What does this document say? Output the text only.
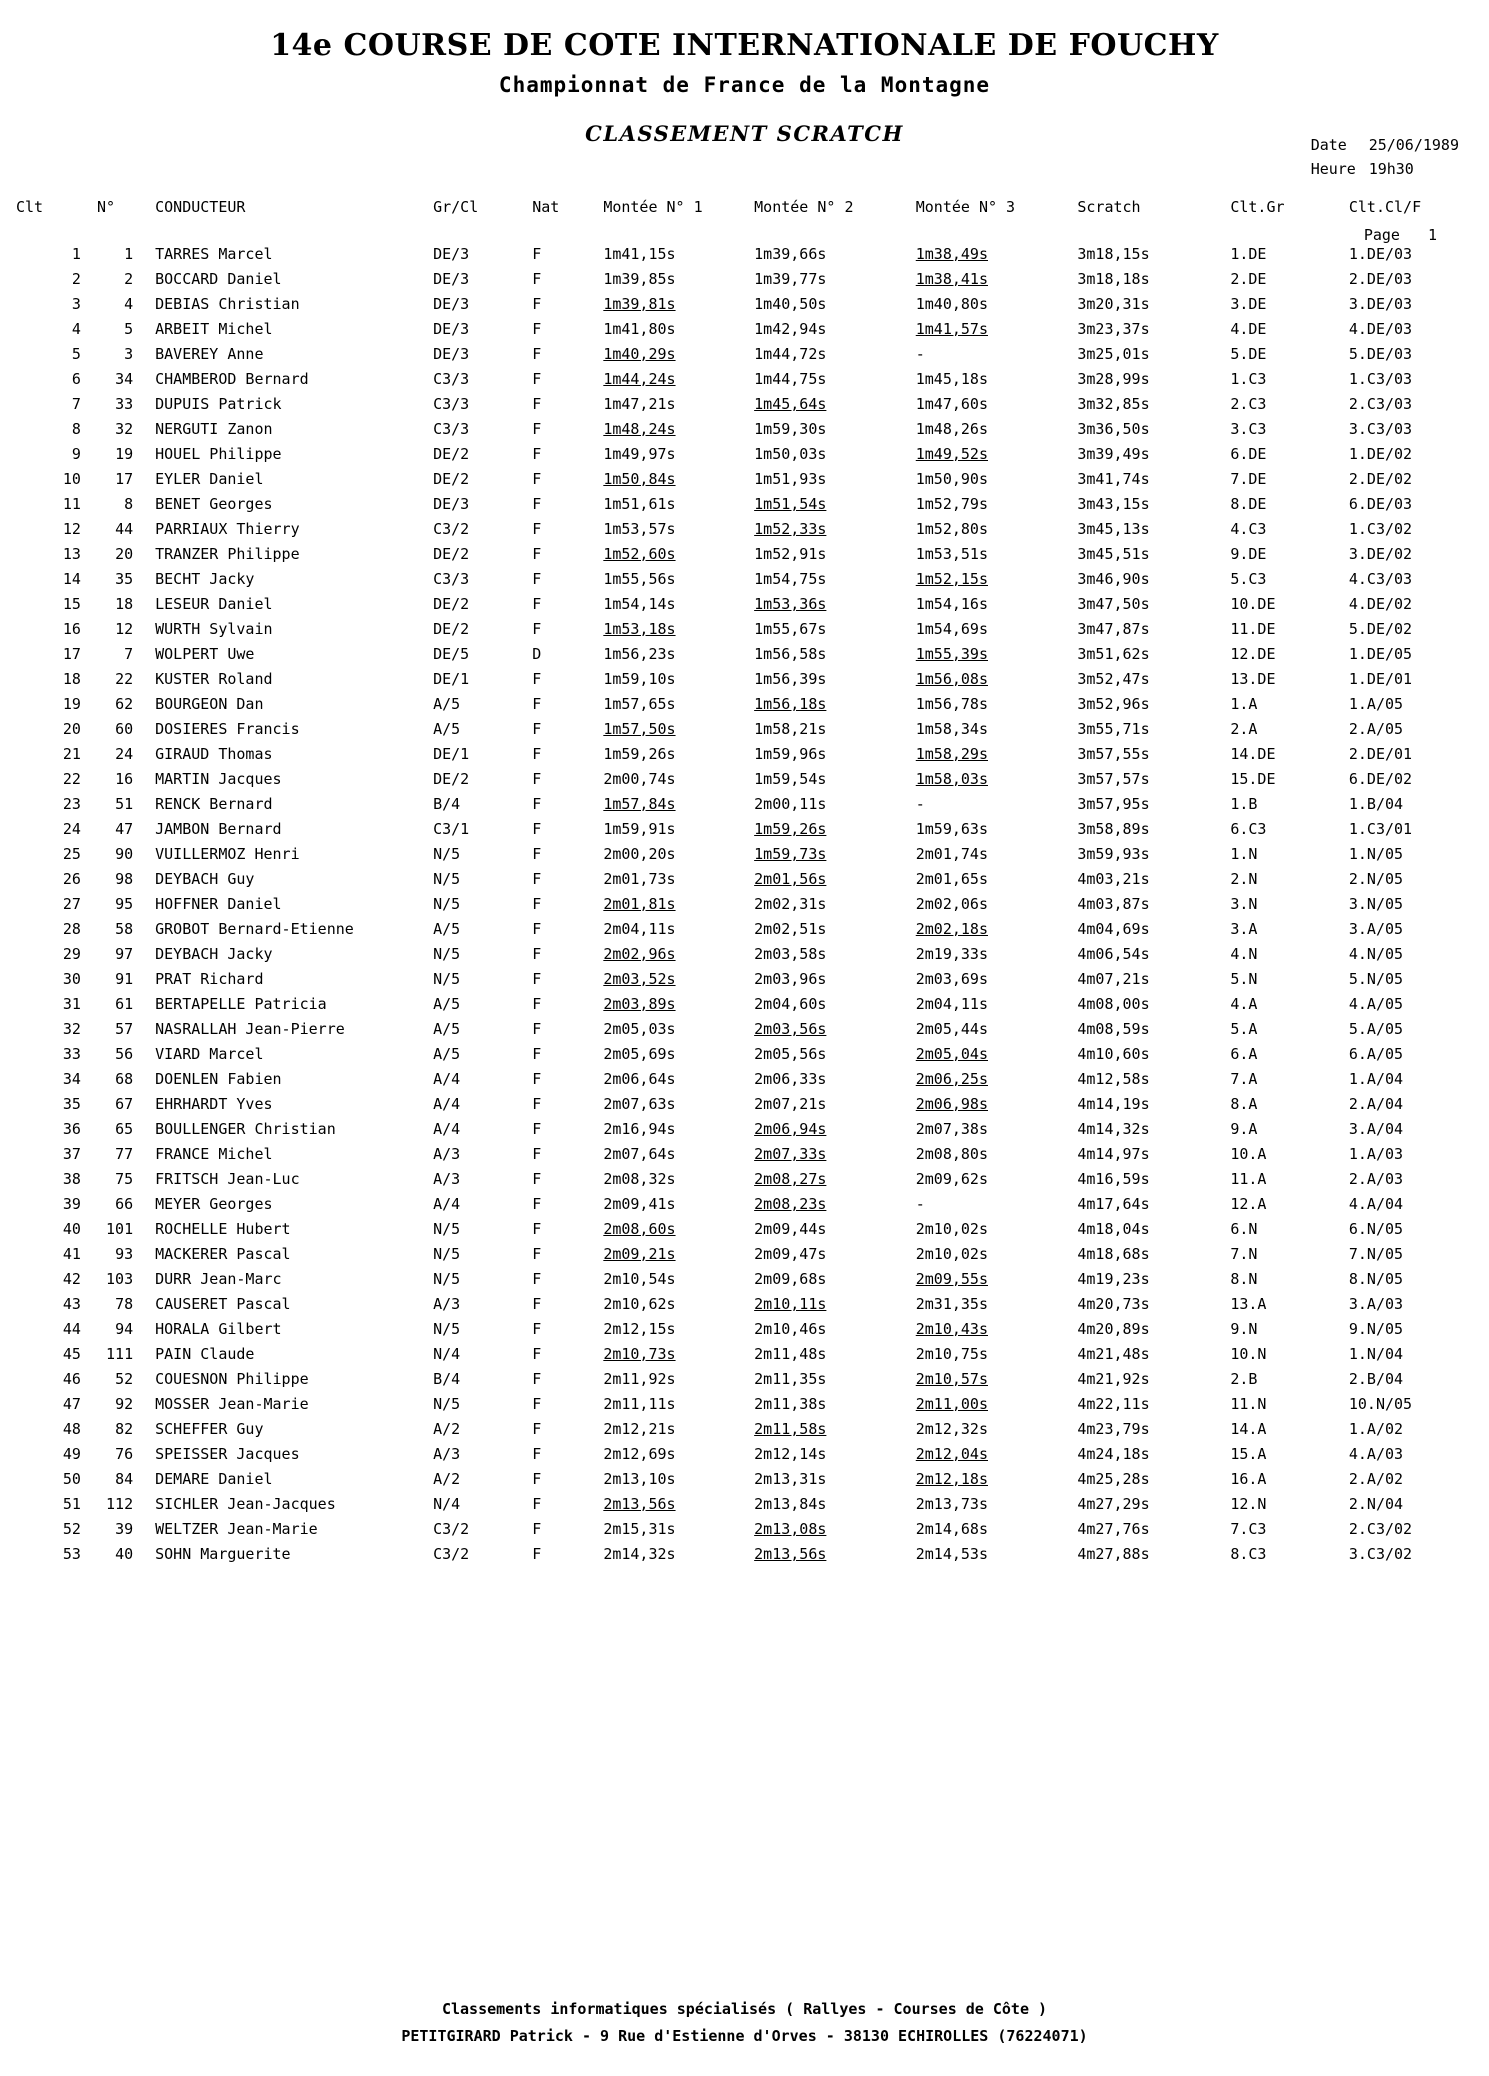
14e COURSE DE COTE INTERNATIONALE DE FOUCHY
Championnat de France de la Montagne
Date 25/06/1989
Heure 19h30
CLASSEMENT SCRATCH
Page 1
Clt	N°	CONDUCTEUR	Gr/Cl	Nat	Montée N° 1	Montée N° 2	Montée N° 3	Scratch	Clt.Gr	Clt.Cl/F
1	1	TARRES Marcel	DE/3	F	1m41,15s	1m39,66s	1m38,49s	3m18,15s	1.DE	1.DE/03
2	2	BOCCARD Daniel	DE/3	F	1m39,85s	1m39,77s	1m38,41s	3m18,18s	2.DE	2.DE/03
3	4	DEBIAS Christian	DE/3	F	1m39,81s	1m40,50s	1m40,80s	3m20,31s	3.DE	3.DE/03
4	5	ARBEIT Michel	DE/3	F	1m41,80s	1m42,94s	1m41,57s	3m23,37s	4.DE	4.DE/03
5	3	BAVEREY Anne	DE/3	F	1m40,29s	1m44,72s	-	3m25,01s	5.DE	5.DE/03
6	34	CHAMBEROD Bernard	C3/3	F	1m44,24s	1m44,75s	1m45,18s	3m28,99s	1.C3	1.C3/03
7	33	DUPUIS Patrick	C3/3	F	1m47,21s	1m45,64s	1m47,60s	3m32,85s	2.C3	2.C3/03
8	32	NERGUTI Zanon	C3/3	F	1m48,24s	1m59,30s	1m48,26s	3m36,50s	3.C3	3.C3/03
9	19	HOUEL Philippe	DE/2	F	1m49,97s	1m50,03s	1m49,52s	3m39,49s	6.DE	1.DE/02
10	17	EYLER Daniel	DE/2	F	1m50,84s	1m51,93s	1m50,90s	3m41,74s	7.DE	2.DE/02
11	8	BENET Georges	DE/3	F	1m51,61s	1m51,54s	1m52,79s	3m43,15s	8.DE	6.DE/03
12	44	PARRIAUX Thierry	C3/2	F	1m53,57s	1m52,33s	1m52,80s	3m45,13s	4.C3	1.C3/02
13	20	TRANZER Philippe	DE/2	F	1m52,60s	1m52,91s	1m53,51s	3m45,51s	9.DE	3.DE/02
14	35	BECHT Jacky	C3/3	F	1m55,56s	1m54,75s	1m52,15s	3m46,90s	5.C3	4.C3/03
15	18	LESEUR Daniel	DE/2	F	1m54,14s	1m53,36s	1m54,16s	3m47,50s	10.DE	4.DE/02
16	12	WURTH Sylvain	DE/2	F	1m53,18s	1m55,67s	1m54,69s	3m47,87s	11.DE	5.DE/02
17	7	WOLPERT Uwe	DE/5	D	1m56,23s	1m56,58s	1m55,39s	3m51,62s	12.DE	1.DE/05
18	22	KUSTER Roland	DE/1	F	1m59,10s	1m56,39s	1m56,08s	3m52,47s	13.DE	1.DE/01
19	62	BOURGEON Dan	A/5	F	1m57,65s	1m56,18s	1m56,78s	3m52,96s	1.A	1.A/05
20	60	DOSIERES Francis	A/5	F	1m57,50s	1m58,21s	1m58,34s	3m55,71s	2.A	2.A/05
21	24	GIRAUD Thomas	DE/1	F	1m59,26s	1m59,96s	1m58,29s	3m57,55s	14.DE	2.DE/01
22	16	MARTIN Jacques	DE/2	F	2m00,74s	1m59,54s	1m58,03s	3m57,57s	15.DE	6.DE/02
23	51	RENCK Bernard	B/4	F	1m57,84s	2m00,11s	-	3m57,95s	1.B	1.B/04
24	47	JAMBON Bernard	C3/1	F	1m59,91s	1m59,26s	1m59,63s	3m58,89s	6.C3	1.C3/01
25	90	VUILLERMOZ Henri	N/5	F	2m00,20s	1m59,73s	2m01,74s	3m59,93s	1.N	1.N/05
26	98	DEYBACH Guy	N/5	F	2m01,73s	2m01,56s	2m01,65s	4m03,21s	2.N	2.N/05
27	95	HOFFNER Daniel	N/5	F	2m01,81s	2m02,31s	2m02,06s	4m03,87s	3.N	3.N/05
28	58	GROBOT Bernard-Etienne	A/5	F	2m04,11s	2m02,51s	2m02,18s	4m04,69s	3.A	3.A/05
29	97	DEYBACH Jacky	N/5	F	2m02,96s	2m03,58s	2m19,33s	4m06,54s	4.N	4.N/05
30	91	PRAT Richard	N/5	F	2m03,52s	2m03,96s	2m03,69s	4m07,21s	5.N	5.N/05
31	61	BERTAPELLE Patricia	A/5	F	2m03,89s	2m04,60s	2m04,11s	4m08,00s	4.A	4.A/05
32	57	NASRALLAH Jean-Pierre	A/5	F	2m05,03s	2m03,56s	2m05,44s	4m08,59s	5.A	5.A/05
33	56	VIARD Marcel	A/5	F	2m05,69s	2m05,56s	2m05,04s	4m10,60s	6.A	6.A/05
34	68	DOENLEN Fabien	A/4	F	2m06,64s	2m06,33s	2m06,25s	4m12,58s	7.A	1.A/04
35	67	EHRHARDT Yves	A/4	F	2m07,63s	2m07,21s	2m06,98s	4m14,19s	8.A	2.A/04
36	65	BOULLENGER Christian	A/4	F	2m16,94s	2m06,94s	2m07,38s	4m14,32s	9.A	3.A/04
37	77	FRANCE Michel	A/3	F	2m07,64s	2m07,33s	2m08,80s	4m14,97s	10.A	1.A/03
38	75	FRITSCH Jean-Luc	A/3	F	2m08,32s	2m08,27s	2m09,62s	4m16,59s	11.A	2.A/03
39	66	MEYER Georges	A/4	F	2m09,41s	2m08,23s	-	4m17,64s	12.A	4.A/04
40	101	ROCHELLE Hubert	N/5	F	2m08,60s	2m09,44s	2m10,02s	4m18,04s	6.N	6.N/05
41	93	MACKERER Pascal	N/5	F	2m09,21s	2m09,47s	2m10,02s	4m18,68s	7.N	7.N/05
42	103	DURR Jean-Marc	N/5	F	2m10,54s	2m09,68s	2m09,55s	4m19,23s	8.N	8.N/05
43	78	CAUSERET Pascal	A/3	F	2m10,62s	2m10,11s	2m31,35s	4m20,73s	13.A	3.A/03
44	94	HORALA Gilbert	N/5	F	2m12,15s	2m10,46s	2m10,43s	4m20,89s	9.N	9.N/05
45	111	PAIN Claude	N/4	F	2m10,73s	2m11,48s	2m10,75s	4m21,48s	10.N	1.N/04
46	52	COUESNON Philippe	B/4	F	2m11,92s	2m11,35s	2m10,57s	4m21,92s	2.B	2.B/04
47	92	MOSSER Jean-Marie	N/5	F	2m11,11s	2m11,38s	2m11,00s	4m22,11s	11.N	10.N/05
48	82	SCHEFFER Guy	A/2	F	2m12,21s	2m11,58s	2m12,32s	4m23,79s	14.A	1.A/02
49	76	SPEISSER Jacques	A/3	F	2m12,69s	2m12,14s	2m12,04s	4m24,18s	15.A	4.A/03
50	84	DEMARE Daniel	A/2	F	2m13,10s	2m13,31s	2m12,18s	4m25,28s	16.A	2.A/02
51	112	SICHLER Jean-Jacques	N/4	F	2m13,56s	2m13,84s	2m13,73s	4m27,29s	12.N	2.N/04
52	39	WELTZER Jean-Marie	C3/2	F	2m15,31s	2m13,08s	2m14,68s	4m27,76s	7.C3	2.C3/02
53	40	SOHN Marguerite	C3/2	F	2m14,32s	2m13,56s	2m14,53s	4m27,88s	8.C3	3.C3/02
Classements informatiques spécialisés ( Rallyes - Courses de Côte )
PETITGIRARD Patrick - 9 Rue d'Estienne d'Orves - 38130 ECHIROLLES (76224071)
